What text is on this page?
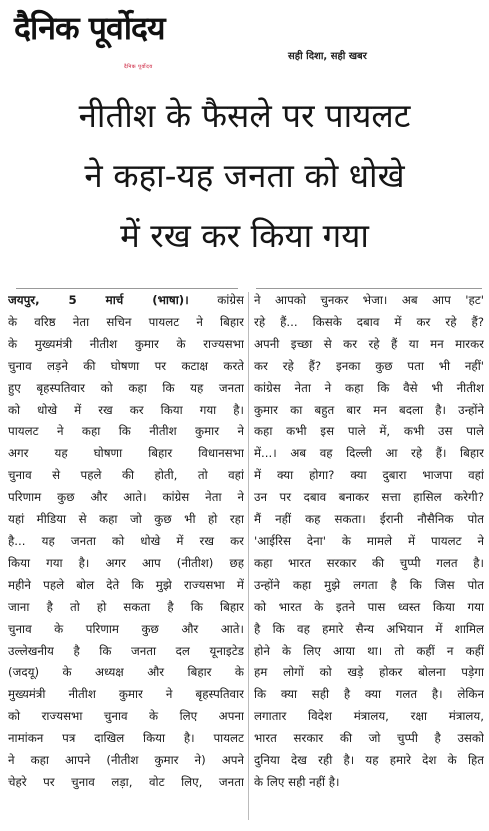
दैनिक पूर्वोदय
सही दिशा, सही खबर
दैनिक पूर्वोदय
नीतीश के फैसले पर पायलट
ने कहा-यह जनता को धोखे
में रख कर किया गया
जयपुर, 5 मार्च (भाषा)। कांग्रेस
के वरिष्ठ नेता सचिन पायलट ने बिहार
के मुख्यमंत्री नीतीश कुमार के राज्यसभा
चुनाव लड़ने की घोषणा पर कटाक्ष करते
हुए बृहस्पतिवार को कहा कि यह जनता
को धोखे में रख कर किया गया है।
पायलट ने कहा कि नीतीश कुमार ने
अगर यह घोषणा बिहार विधानसभा
चुनाव से पहले की होती, तो वहां
परिणाम कुछ और आते। कांग्रेस नेता ने
यहां मीडिया से कहा जो कुछ भी हो रहा
है... यह जनता को धोखे में रख कर
किया गया है। अगर आप (नीतीश) छह
महीने पहले बोल देते कि मुझे राज्यसभा में
जाना है तो हो सकता है कि बिहार
चुनाव के परिणाम कुछ और आते।
उल्लेखनीय है कि जनता दल यूनाइटेड
(जदयू) के अध्यक्ष और बिहार के
मुख्यमंत्री नीतीश कुमार ने बृहस्पतिवार
को राज्यसभा चुनाव के लिए अपना
नामांकन पत्र दाखिल किया है। पायलट
ने कहा आपने (नीतीश कुमार ने) अपने
चेहरे पर चुनाव लड़ा, वोट लिए, जनता
ने आपको चुनकर भेजा। अब आप 'हट'
रहे हैं... किसके दबाव में कर रहे हैं?
अपनी इच्छा से कर रहे हैं या मन मारकर
कर रहे हैं? इनका कुछ पता भी नहीं'
कांग्रेस नेता ने कहा कि वैसे भी नीतीश
कुमार का बहुत बार मन बदला है। उन्होंने
कहा कभी इस पाले में, कभी उस पाले
में...। अब वह दिल्ली आ रहे हैं। बिहार
में क्या होगा? क्या दुबारा भाजपा वहां
उन पर दबाव बनाकर सत्ता हासिल करेगी?
मैं नहीं कह सकता। ईरानी नौसैनिक पोत
'आईरिस देना' के मामले में पायलट ने
कहा भारत सरकार की चुप्पी गलत है।
उन्होंने कहा मुझे लगता है कि जिस पोत
को भारत के इतने पास ध्वस्त किया गया
है कि वह हमारे सैन्य अभियान में शामिल
होने के लिए आया था। तो कहीं न कहीं
हम लोगों को खड़े होकर बोलना पड़ेगा
कि क्या सही है क्या गलत है। लेकिन
लगातार विदेश मंत्रालय, रक्षा मंत्रालय,
भारत सरकार की जो चुप्पी है उसको
दुनिया देख रही है। यह हमारे देश के हित
के लिए सही नहीं है।
